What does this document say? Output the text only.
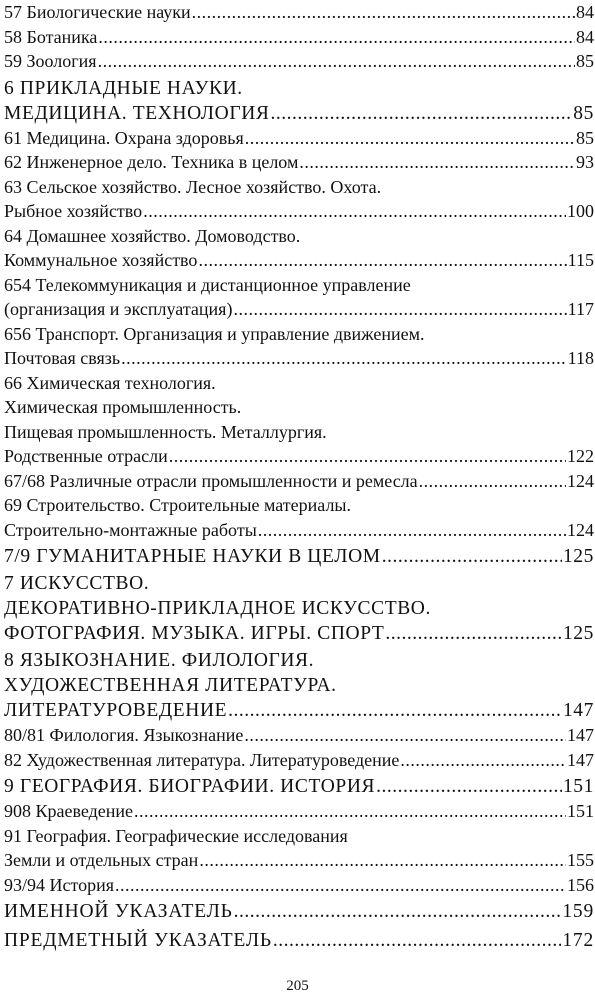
57 Биологические науки .....	84
58 Ботаника .....	84
59 Зоология .....	85
6 ПРИКЛАДНЫЕ НАУКИ.
МЕДИЦИНА. ТЕХНОЛОГИЯ .....	85
61 Медицина. Охрана здоровья .....	85
62 Инженерное дело. Техника в целом .....	93
63 Сельское хозяйство. Лесное хозяйство. Охота.
Рыбное хозяйство .....	100
64 Домашнее хозяйство. Домоводство.
Коммунальное хозяйство .....	115
654 Телекоммуникация и дистанционное управление
(организация и эксплуатация) .....	117
656 Транспорт. Организация и управление движением.
Почтовая связь .....	118
66 Химическая технология.
Химическая промышленность.
Пищевая промышленность. Металлургия.
Родственные отрасли .....	122
67/68 Различные отрасли промышленности и ремесла .....	124
69 Строительство. Строительные материалы.
Строительно-монтажные работы .....	124
7/9 ГУМАНИТАРНЫЕ НАУКИ В ЦЕЛОМ .....	125
7 ИСКУССТВО.
ДЕКОРАТИВНО-ПРИКЛАДНОЕ ИСКУССТВО.
ФОТОГРАФИЯ. МУЗЫКА. ИГРЫ. СПОРТ .....	125
8 ЯЗЫКОЗНАНИЕ. ФИЛОЛОГИЯ.
ХУДОЖЕСТВЕННАЯ ЛИТЕРАТУРА.
ЛИТЕРАТУРОВЕДЕНИЕ .....	147
80/81 Филология. Языкознание .....	147
82 Художественная литература. Литературоведение .....	147
9 ГЕОГРАФИЯ. БИОГРАФИИ. ИСТОРИЯ .....	151
908 Краеведение .....	151
91 География. Географические исследования
Земли и отдельных стран .....	155
93/94 История .....	156
ИМЕННОЙ УКАЗАТЕЛЬ .....	159
ПРЕДМЕТНЫЙ УКАЗАТЕЛЬ .....	172
205
